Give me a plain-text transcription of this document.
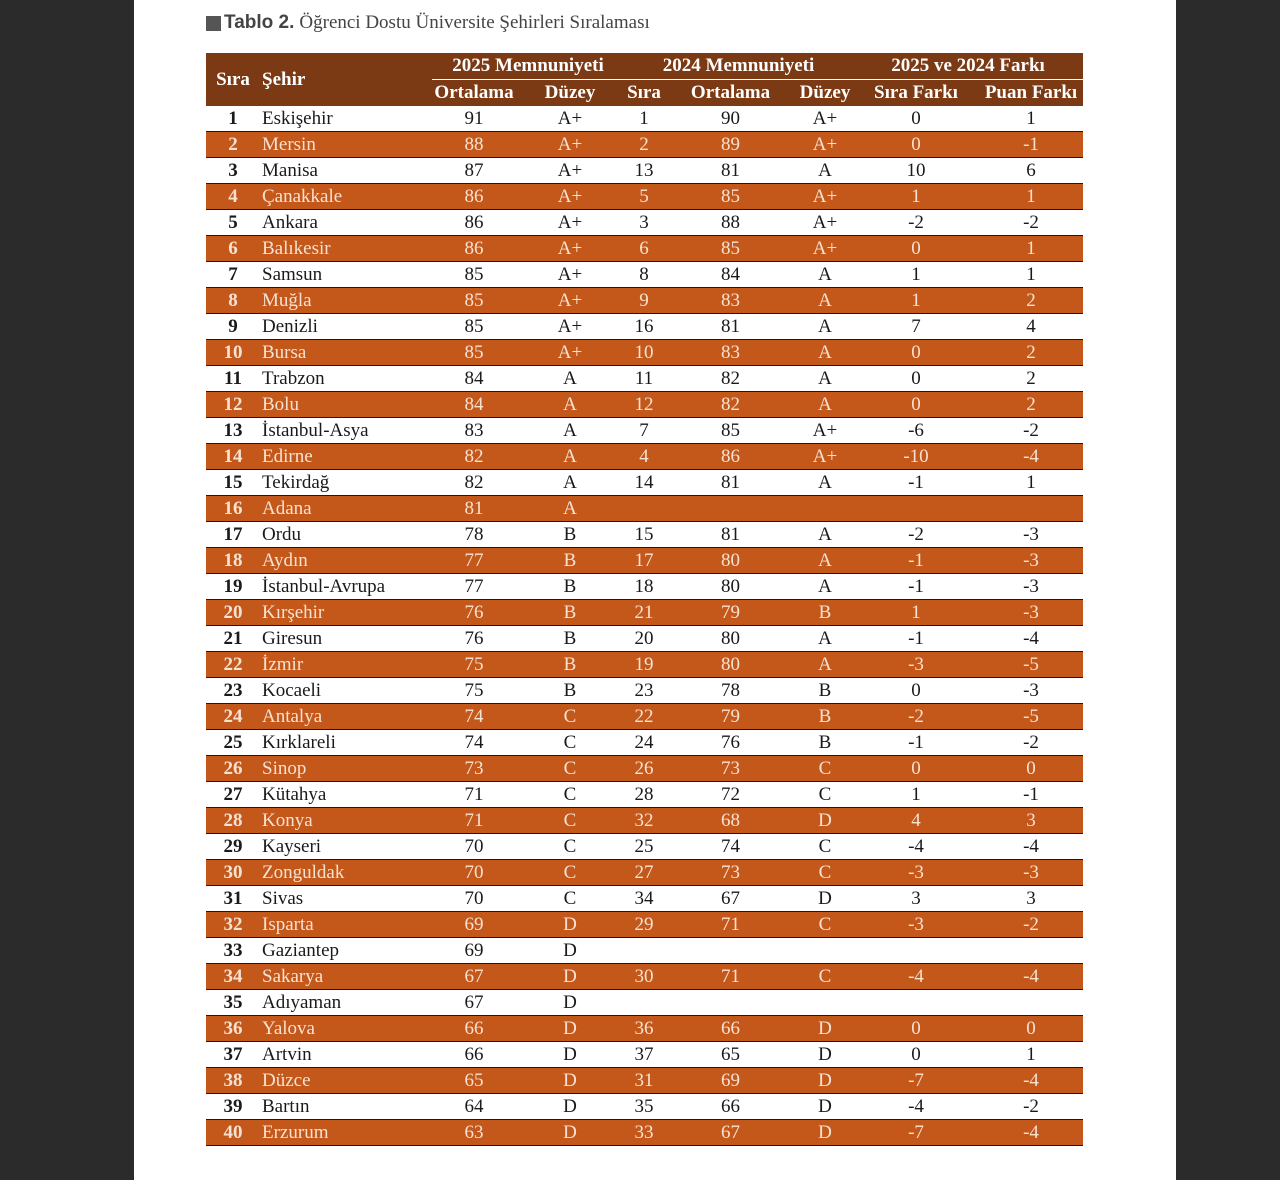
Tablo 2. Öğrenci Dostu Üniversite Şehirleri Sıralaması
Sıra	Şehir	2025 Memnuniyeti		2024 Memnuniyeti			2025 ve 2024 Farkı	
		Ortalama	Düzey	Sıra	Ortalama	Düzey	Sıra Farkı	Puan Farkı
1	Eskişehir	91	A+	1	90	A+	0	1
2	Mersin	88	A+	2	89	A+	0	-1
3	Manisa	87	A+	13	81	A	10	6
4	Çanakkale	86	A+	5	85	A+	1	1
5	Ankara	86	A+	3	88	A+	-2	-2
6	Balıkesir	86	A+	6	85	A+	0	1
7	Samsun	85	A+	8	84	A	1	1
8	Muğla	85	A+	9	83	A	1	2
9	Denizli	85	A+	16	81	A	7	4
10	Bursa	85	A+	10	83	A	0	2
11	Trabzon	84	A	11	82	A	0	2
12	Bolu	84	A	12	82	A	0	2
13	İstanbul-Asya	83	A	7	85	A+	-6	-2
14	Edirne	82	A	4	86	A+	-10	-4
15	Tekirdağ	82	A	14	81	A	-1	1
16	Adana	81	A					
17	Ordu	78	B	15	81	A	-2	-3
18	Aydın	77	B	17	80	A	-1	-3
19	İstanbul-Avrupa	77	B	18	80	A	-1	-3
20	Kırşehir	76	B	21	79	B	1	-3
21	Giresun	76	B	20	80	A	-1	-4
22	İzmir	75	B	19	80	A	-3	-5
23	Kocaeli	75	B	23	78	B	0	-3
24	Antalya	74	C	22	79	B	-2	-5
25	Kırklareli	74	C	24	76	B	-1	-2
26	Sinop	73	C	26	73	C	0	0
27	Kütahya	71	C	28	72	C	1	-1
28	Konya	71	C	32	68	D	4	3
29	Kayseri	70	C	25	74	C	-4	-4
30	Zonguldak	70	C	27	73	C	-3	-3
31	Sivas	70	C	34	67	D	3	3
32	Isparta	69	D	29	71	C	-3	-2
33	Gaziantep	69	D					
34	Sakarya	67	D	30	71	C	-4	-4
35	Adıyaman	67	D					
36	Yalova	66	D	36	66	D	0	0
37	Artvin	66	D	37	65	D	0	1
38	Düzce	65	D	31	69	D	-7	-4
39	Bartın	64	D	35	66	D	-4	-2
40	Erzurum	63	D	33	67	D	-7	-4
